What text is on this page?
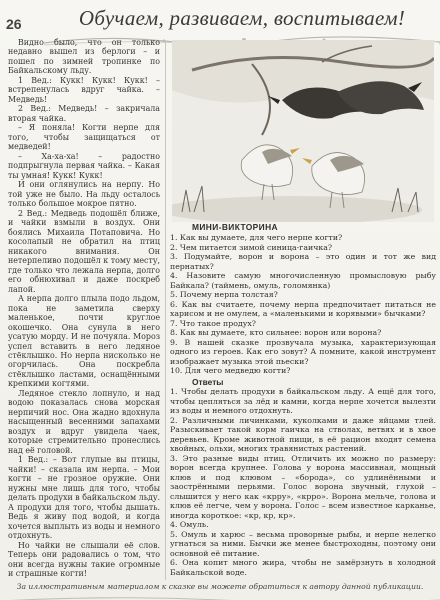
26	Обучаем, развиваем, воспитываем!

Видно было, что он только недавно вышел из берлоги – и пошел по зимней тропинке по Байкальскому льду.

1 Вед.: Кукк! Кукк! Кукк! – встрепенулась вдруг чайка. – Медведь!

2 Вед.: Медведь! – закричала вторая чайка.

– Я поняла! Когти нерпе для того, чтобы защищаться от медведей!

– Ха-ха-ха! – радостно подпрыгнула первая чайка. – Какая ты умная! Кукк! Кукк!

И они оглянулись на нерпу. Но той уже не было. На льду осталось только большое мокрое пятно.

2 Вед.: Медведь подошёл ближе, и чайки взмыли в воздух. Они боялись Михаила Потаповича. Но косолапый не обратил на птиц никакого внимания. Он нетерпеливо подошёл к тому месту, где только что лежала нерпа, долго его обнюхивал и даже поскреб лапой.

А нерпа долго плыла подо льдом, пока не заметила сверху маленькое, почти круглое окошечко. Она сунула в него усатую морду. И не почуяла. Мороз успел вставить в него ледяное стёклышко. Но нерпа нисколько не огорчилась. Она поскребла стёклышко ластами, оснащёнными крепкими когтями.

Ледяное стекло лопнуло, и над водою показалась снова морская нерпичий нос. Она жадно вдохнула насыщенный весенними запахами воздух и вдруг увидела чаек, которые стремительно пронеслись над её головой.

1 Вед.: – Вот глупые вы птицы, чайки! – сказала им нерпа. – Мои когти – не грозное оружие. Они нужны мне лишь для того, чтобы делать продухи в байкальском льду. А продухи для того, чтобы дышать. Ведь я живу под водой, и когда хочется выплыть из воды и немного отдохнуть.

Но чайки не слышали её слов. Теперь они радовались о том, что они всегда нужны такие огромные и страшные когти!

МИНИ-ВИКТОРИНА
1. Как вы думаете, для чего нерпе когти?
2. Чем питается зимой синица-гаичка?
3. Подумайте, ворон и ворона – это один и тот же вид пернатых?
4. Назовите самую многочисленную промысловую рыбу Байкала? (таймень, омуль, голомянка)
5. Почему нерпа толстая?
6. Как вы считаете, почему нерпа предпочитает питаться не харисом и не омулем, а «маленькими и корявыми» бычками?
7. Что такое продух?
8. Как вы думаете, кто сильнее: ворон или ворона?
9. В нашей сказке прозвучала музыка, характеризующая одного из героев. Как его зовут? А помните, какой инструмент изображает музыка этой пьески?
10. Для чего медведю когти?
Ответы
1. Чтобы делать продухи в байкальском льду. А ещё для того, чтобы цепляться за лёд и камни, когда нерпе хочется вылезти из воды и немного отдохнуть.
2. Различными личинками, куколками и даже яйцами тлей. Разыскивает такой корм гаичка на стволах, ветвях и в хвое деревьев. Кроме животной пищи, в её рацион входят семена хвойных, ольхи, многих травянистых растений.
3. Это разные виды птиц. Отличить их можно по размеру: ворон всегда крупнее. Голова у ворона массивная, мощный клюв и под клювом – «борода», со удлинёнными и заострёнными перьями. Голос ворона звучный, глухой – слышится у него как «крру», «крро». Ворона мельче, голова и клюв её легче, чем у ворона. Голос – всем известное карканье, иногда короткое: «кр, кр, кр».
4. Омуль.
5. Омуль и харюс – весьма проворные рыбы, и нерпе нелегко угнаться за ними. Бычки же менее быстроходны, поэтому они основной её питание.
6. Она копит много жира, чтобы не замёрзнуть в холодной Байкальской воде.
За иллюстративным материалом к сказке вы можете обратиться к автору данной публикации.
